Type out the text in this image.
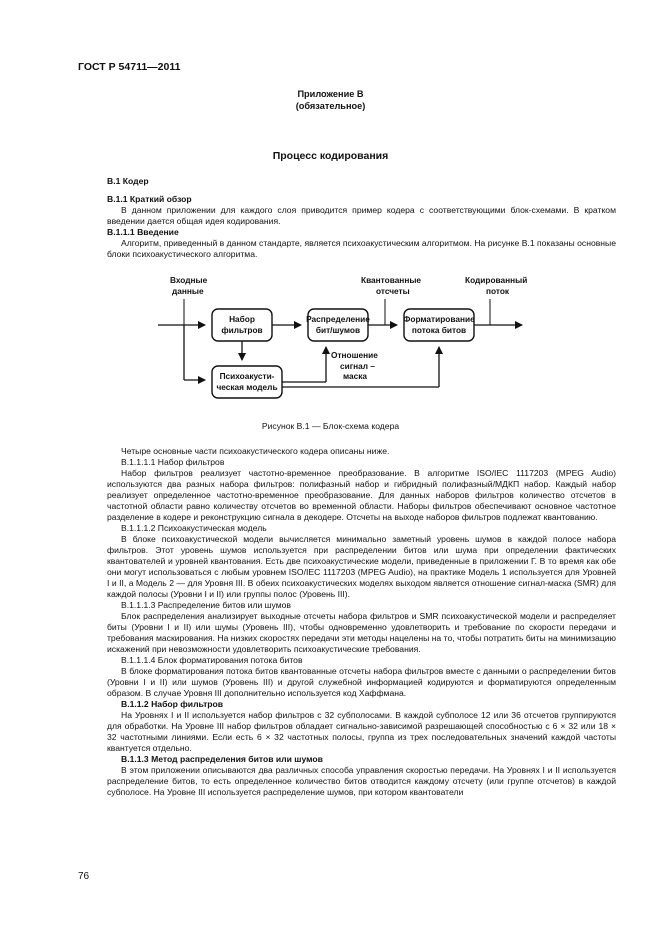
ГОСТ Р 54711—2011
Приложение В
(обязательное)
Процесс кодирования

В.1 Кодер

В.1.1 Краткий обзор

В данном приложении для каждого слоя приводится пример кодера с соответствующими блок-схемами. В кратком введении дается общая идея кодирования.

В.1.1.1 Введение

Алгоритм, приведенный в данном стандарте, является психоакустическим алгоритмом. На рисунке В.1 показаны основные блоки психоакустического алгоритма.

Входные
данные
Квантованные
отсчеты
Кодированный
поток
Набор
фильтров
Распределение
бит/шумов
Форматирование
потока битов
Психоакусти-
ческая модель
Отношение
сигнал –
маска
Рисунок В.1 — Блок-схема кодера

Четыре основные части психоакустического кодера описаны ниже.

В.1.1.1.1 Набор фильтров

Набор фильтров реализует частотно-временное преобразование. В алгоритме ISO/IEC 1117203 (MPEG Audio) используются два разных набора фильтров: полифазный набор и гибридный полифазный/МДКП набор. Каждый набор реализует определенное частотно-временное преобразование. Для данных наборов фильтров количество отсчетов в частотной области равно количеству отсчетов во временной области. Наборы фильтров обеспечивают основное частотное разделение в кодере и реконструкцию сигнала в декодере. Отсчеты на выходе наборов фильтров подлежат квантованию.

В.1.1.1.2 Психоакустическая модель

В блоке психоакустической модели вычисляется минимально заметный уровень шумов в каждой полосе набора фильтров. Этот уровень шумов используется при распределении битов или шума при определении фактических квантователей и уровней квантования. Есть две психоакустические модели, приведенные в приложении Г. В то время как обе они могут использоваться с любым уровнем ISO/IEC 1117203 (MPEG Audio), на практике Модель 1 используется для Уровней I и II, а Модель 2 — для Уровня III. В обеих психоакустических моделях выходом является отношение сигнал-маска (SMR) для каждой полосы (Уровни I и II) или группы полос (Уровень III).

В.1.1.1.3 Распределение битов или шумов

Блок распределения анализирует выходные отсчеты набора фильтров и SMR психоакустической модели и распределяет биты (Уровни I и II) или шумы (Уровень III), чтобы одновременно удовлетворить и требование по скорости передачи и требования маскирования. На низких скоростях передачи эти методы нацелены на то, чтобы потратить биты на минимизацию искажений при невозможности удовлетворить психоакустические требования.

В.1.1.1.4 Блок форматирования потока битов

В блоке форматирования потока битов квантованные отсчеты набора фильтров вместе с данными о распределении битов (Уровни I и II) или шумов (Уровень III) и другой служебной информацией кодируются и форматируются определенным образом. В случае Уровня III дополнительно используется код Хаффмана.

В.1.1.2 Набор фильтров

На Уровнях I и II используется набор фильтров с 32 субполосами. В каждой субполосе 12 или 36 отсчетов группируются для обработки. На Уровне III набор фильтров обладает сигнально-зависимой разрешающей способностью с 6 × 32 или 18 × 32 частотными линиями. Если есть 6 × 32 частотных полосы, группа из трех последовательных значений каждой частоты квантуется отдельно.

В.1.1.3 Метод распределения битов или шумов

В этом приложении описываются два различных способа управления скоростью передачи. На Уровнях I и II используется распределение битов, то есть определенное количество битов отводится каждому отсчету (или группе отсчетов) в каждой субполосе. На Уровне III используется распределение шумов, при котором квантователи

76
